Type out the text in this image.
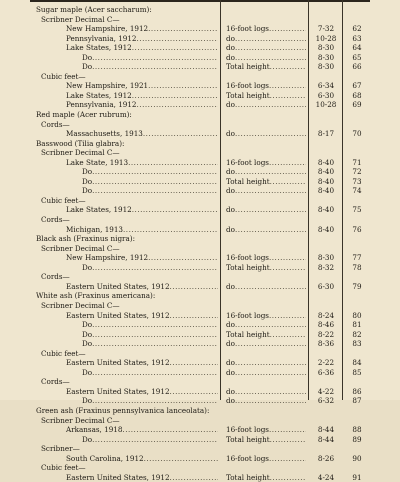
Sugar maple (Acer saccharum):
Scribner Decimal C—
New Hampshire, 1912 .....	16-foot logs .....	7-32	62
Pennsylvania, 1912 .....	do .....	10-28	63
Lake States, 1912 .....	do .....	8-30	64
Do .....	do .....	8-30	65
Do .....	Total height .....	8-30	66
Cubic feet—
New Hampshire, 1921 .....	16-foot logs .....	6-34	67
Lake States, 1912 .....	Total height .....	6-30	68
Pennsylvania, 1912 .....	do .....	10-28	69
Red maple (Acer rubrum):
Cords—
Massachusetts, 1913 .....	do .....	8-17	70
Basswood (Tilia glabra):
Scribner Decimal C—
Lake State, 1913 .....	16-foot logs .....	8-40	71
Do .....	do .....	8-40	72
Do .....	Total height .....	8-40	73
Do .....	do .....	8-40	74
Cubic feet—
Lake States, 1912 .....	do .....	8-40	75
Cords—
Michigan, 1913 .....	do .....	8-40	76
Black ash (Fraxinus nigra):
Scribner Decimal C—
New Hampshire, 1912 .....	16-foot logs .....	8-30	77
Do .....	Total height .....	8-32	78
Cords—
Eastern United States, 1912 .....	do .....	6-30	79
White ash (Fraxinus americana):
Scribner Decimal C—
Eastern United States, 1912 .....	16-foot logs .....	8-24	80
Do .....	do .....	8-46	81
Do .....	Total height .....	8-22	82
Do .....	do .....	8-36	83
Cubic feet—
Eastern United States, 1912 .....	do .....	2-22	84
Do .....	do .....	6-36	85
Cords—
Eastern United States, 1912 .....	do .....	4-22	86
Do .....	do .....	6-32	87
Green ash (Fraxinus pennsylvanica lanceolata):
Scribner Decimal C—
Arkansas, 1918 .....	16-foot logs .....	8-44	88
Do .....	Total height .....	8-44	89
Scribner—
South Carolina, 1912 .....	16-foot logs .....	8-26	90
Cubic feet—
Eastern United States, 1912 .....	Total height .....	4-24	91
